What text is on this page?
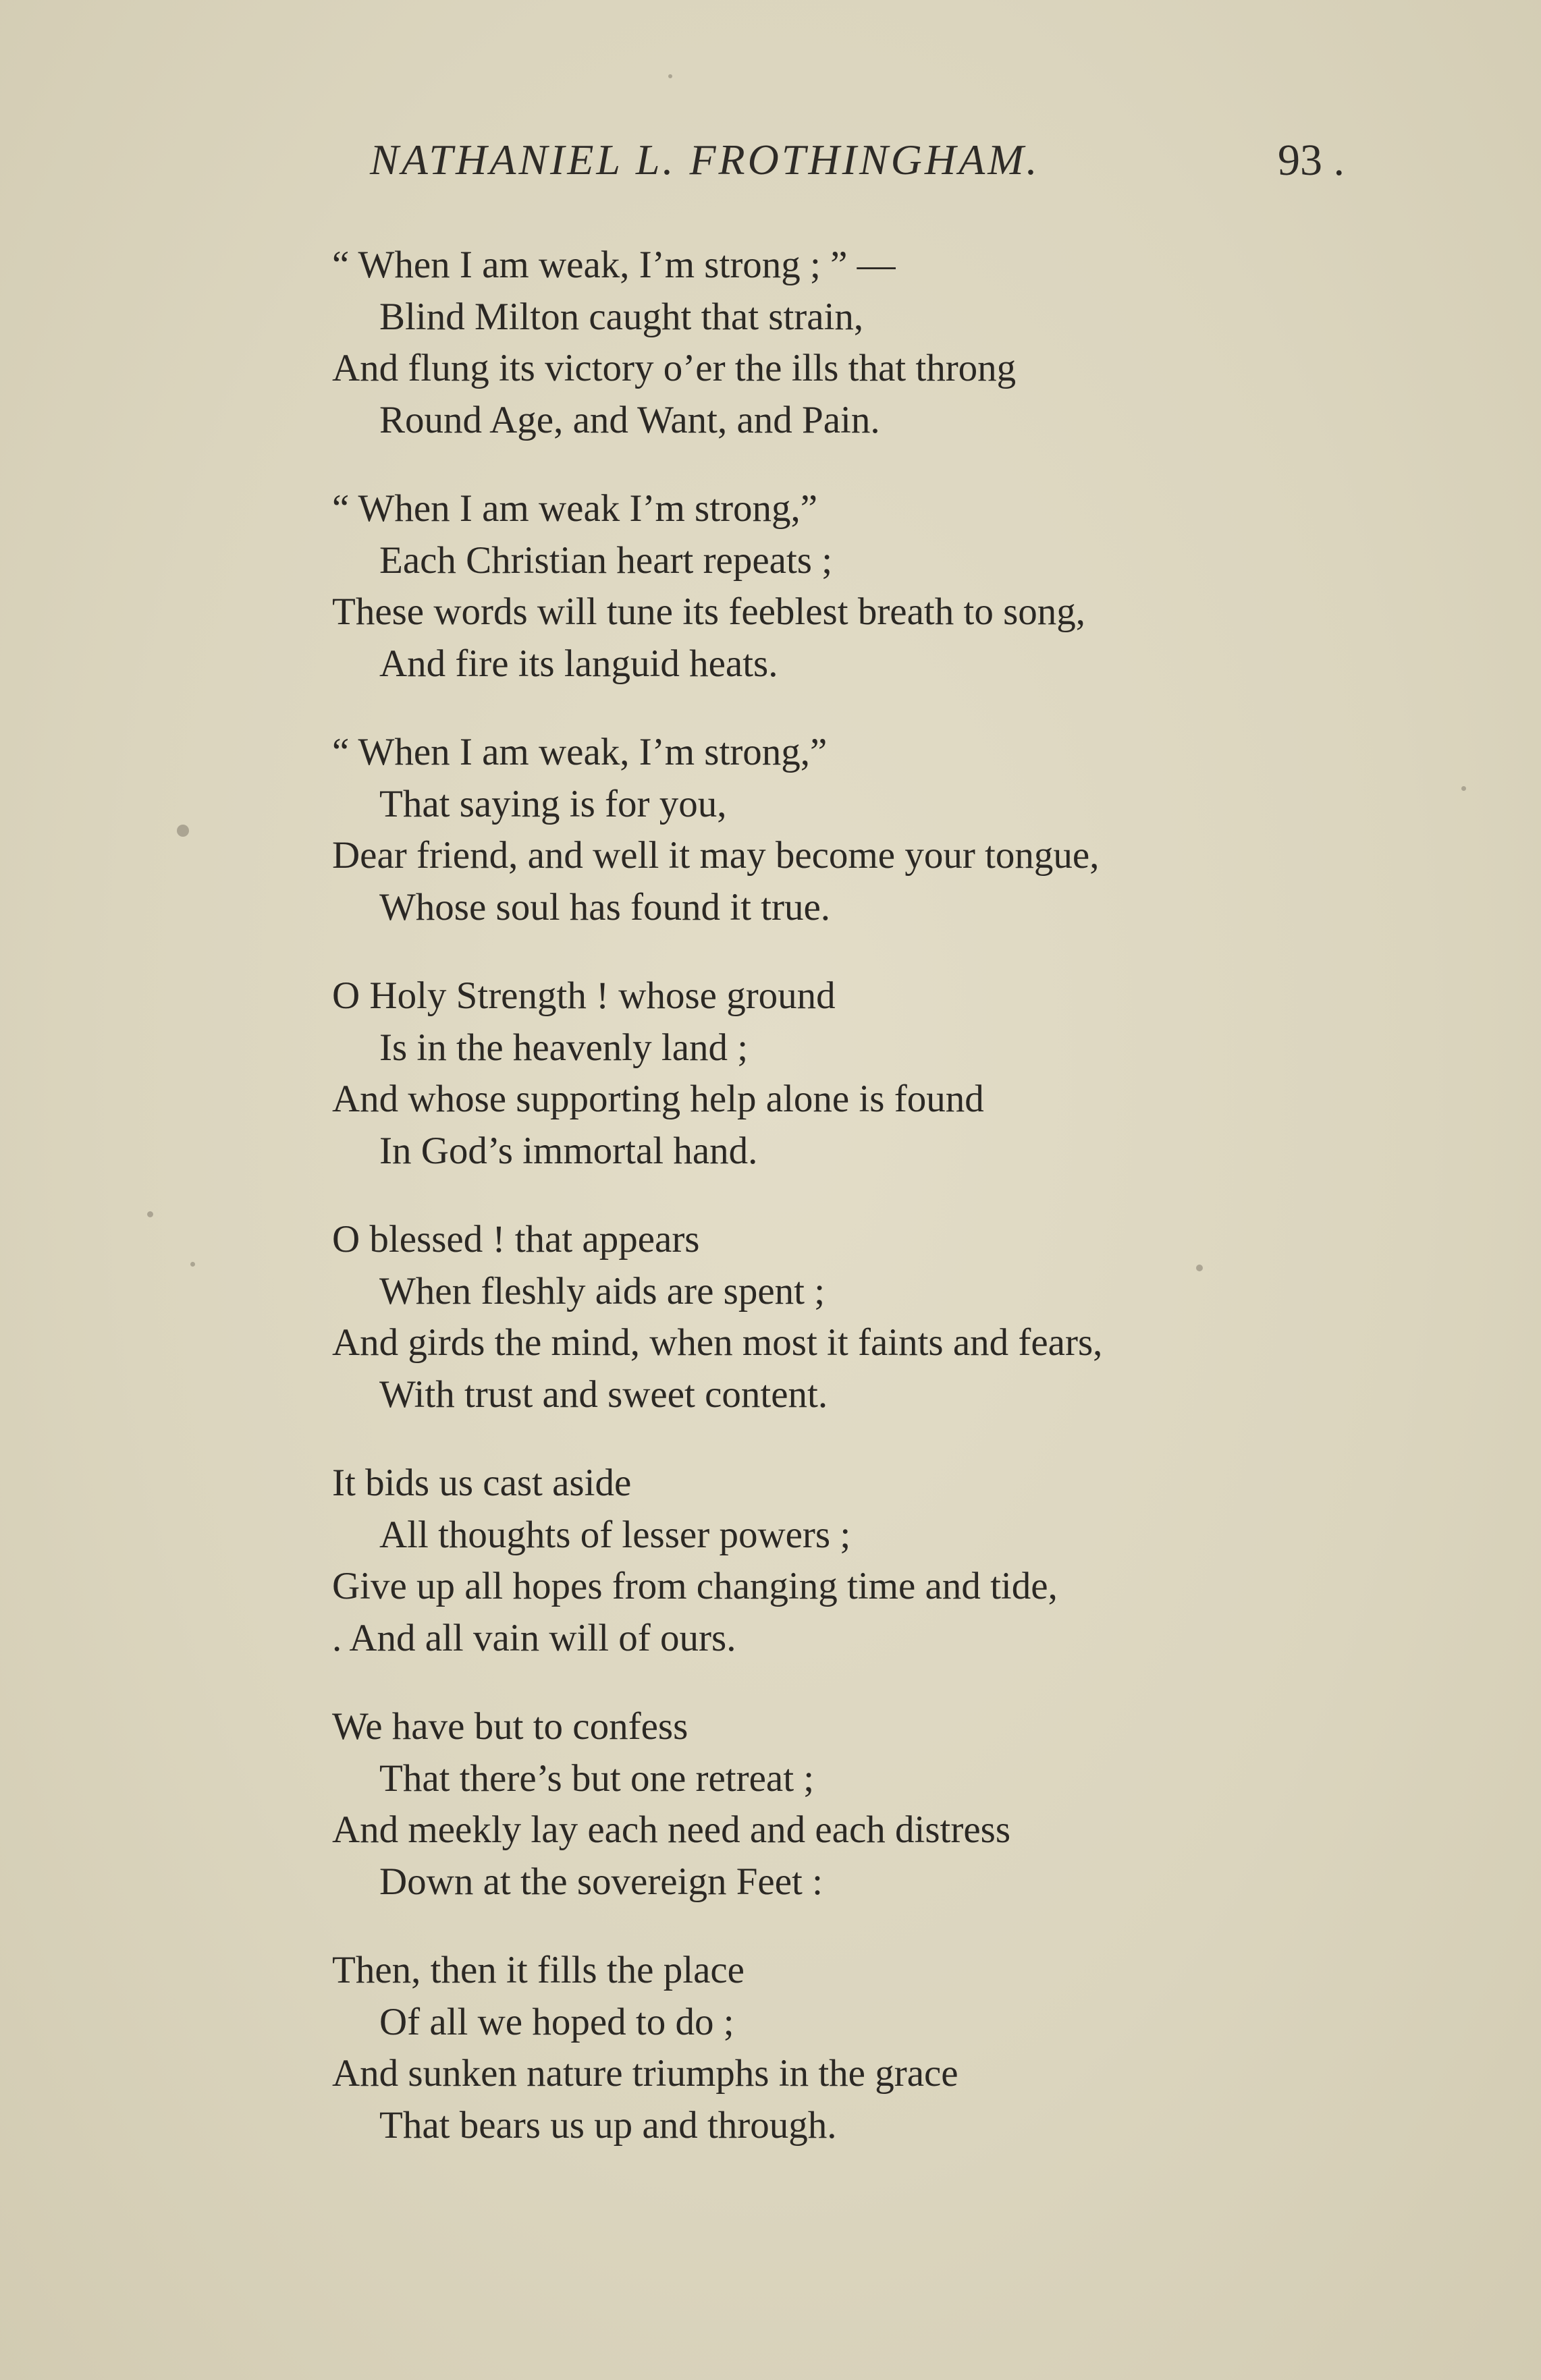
NATHANIEL L. FROTHINGHAM.	93 .
“ When I am weak, I’m strong ; ” —
Blind Milton caught that strain,
And flung its victory o’er the ills that throng
Round Age, and Want, and Pain.
“ When I am weak I’m strong,”
Each Christian heart repeats ;
These words will tune its feeblest breath to song,
And fire its languid heats.
“ When I am weak, I’m strong,”
That saying is for you,
Dear friend, and well it may become your tongue,
Whose soul has found it true.
O Holy Strength ! whose ground
Is in the heavenly land ;
And whose supporting help alone is found
In God’s immortal hand.
O blessed ! that appears
When fleshly aids are spent ;
And girds the mind, when most it faints and fears,
With trust and sweet content.
It bids us cast aside
All thoughts of lesser powers ;
Give up all hopes from changing time and tide,
. And all vain will of ours.
We have but to confess
That there’s but one retreat ;
And meekly lay each need and each distress
Down at the sovereign Feet :
Then, then it fills the place
Of all we hoped to do ;
And sunken nature triumphs in the grace
That bears us up and through.
